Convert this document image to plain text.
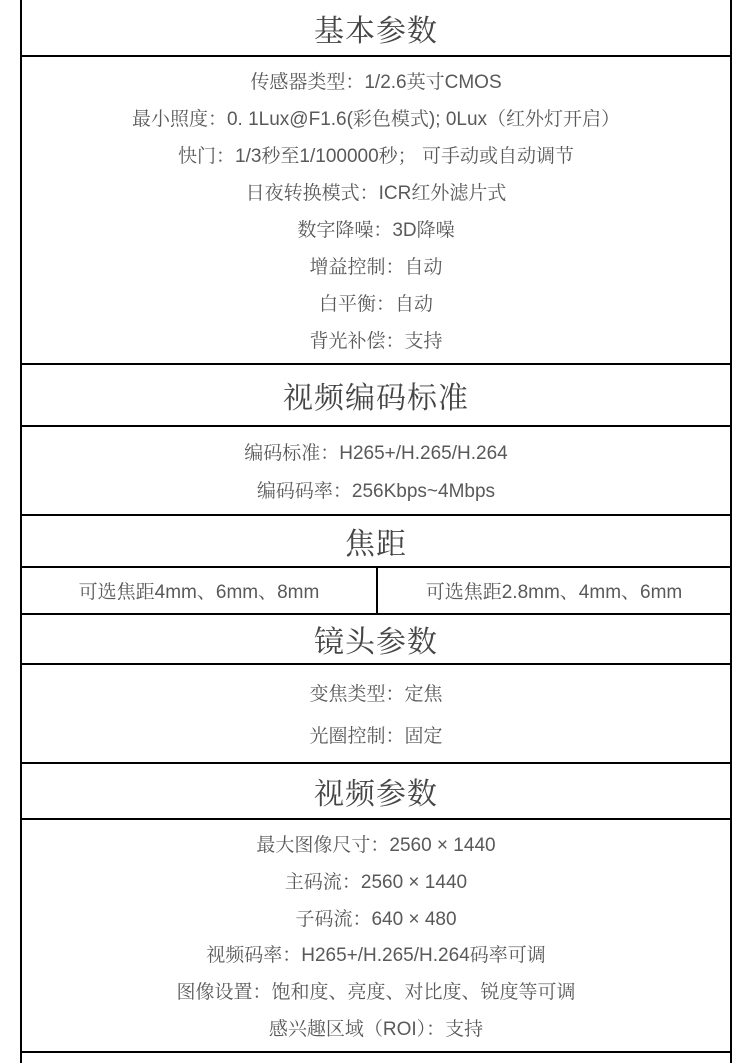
基本参数
传感器类型：1/2.6英寸CMOS
最小照度：0. 1Lux@F1.6(彩色模式); 0Lux（红外灯开启）
快门：1/3秒至1/100000秒； 可手动或自动调节
日夜转换模式：ICR红外滤片式
数字降噪：3D降噪
增益控制：自动
白平衡：自动
背光补偿：支持
视频编码标准
编码标准：H265+/H.265/H.264
编码码率：256Kbps~4Mbps
焦距
可选焦距4mm、6mm、8mm	可选焦距2.8mm、4mm、6mm
镜头参数
变焦类型：定焦
光圈控制：固定
视频参数
最大图像尺寸：2560 × 1440
主码流：2560 × 1440
子码流：640 × 480
视频码率：H265+/H.265/H.264码率可调
图像设置：饱和度、亮度、对比度、锐度等可调
感兴趣区域（ROI）：支持
